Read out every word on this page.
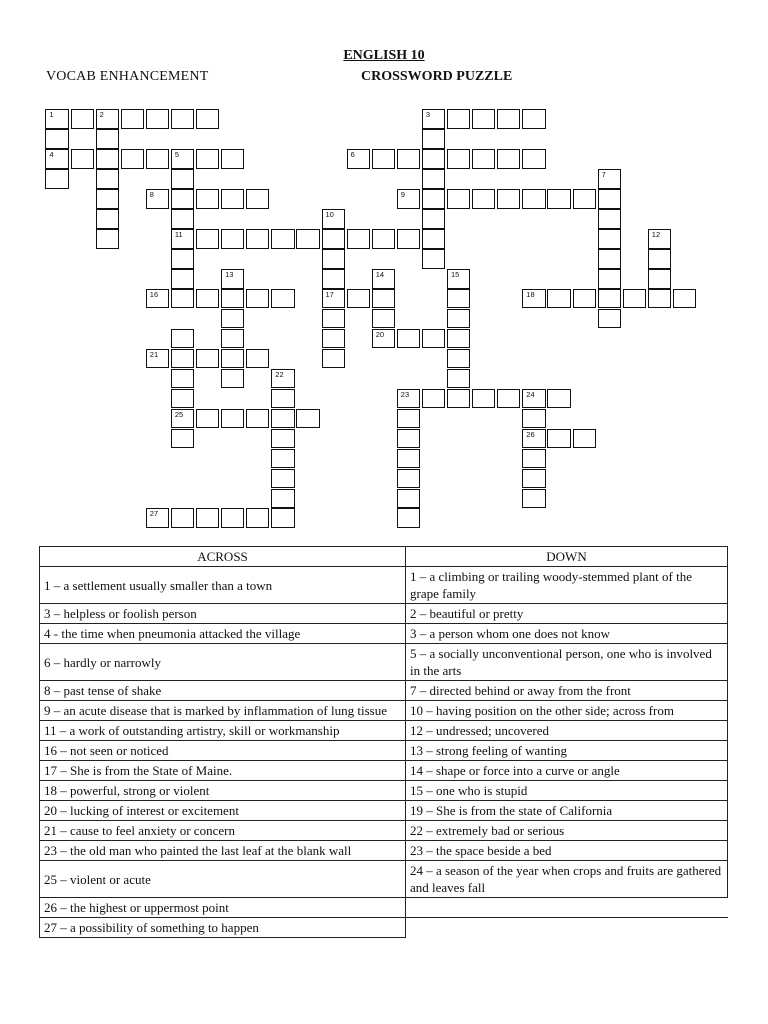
ENGLISH 10
VOCAB ENHANCEMENT	CROSSWORD PUZZLE
1	2
4
3
5
11
6
7
8	9
10
17
12
13	14
20
15
16	18
25
21
22
23	24
26
27
ACROSS	DOWN
1 – a settlement usually smaller than a town	1 – a climbing or trailing woody-stemmed plant of the grape family
3 – helpless or foolish person	2 – beautiful or pretty
4 - the time when pneumonia attacked the village	3 – a person whom one does not know
6 – hardly or narrowly	5 – a socially unconventional person, one who is involved in the arts
8 – past tense of shake	7 – directed behind or away from the front
9 – an acute disease that is marked by inflammation of lung tissue	10 – having position on the other side; across from
11 – a work of outstanding artistry, skill or workmanship	12 – undressed; uncovered
16 – not seen or noticed	13 – strong feeling of wanting
17 – She is from the State of Maine.	14 – shape or force into a curve or angle
18 – powerful, strong or violent	15 – one who is stupid
20 – lucking of interest or excitement	19 – She is from the state of California
21 – cause to feel anxiety or concern	22 – extremely bad or serious
23 – the old man who painted the last leaf at the blank wall	23 – the space beside a bed
25 – violent or acute	24 – a season of the year when crops and fruits are gathered and leaves fall
26 – the highest or uppermost point	
27 – a possibility of something to happen	
